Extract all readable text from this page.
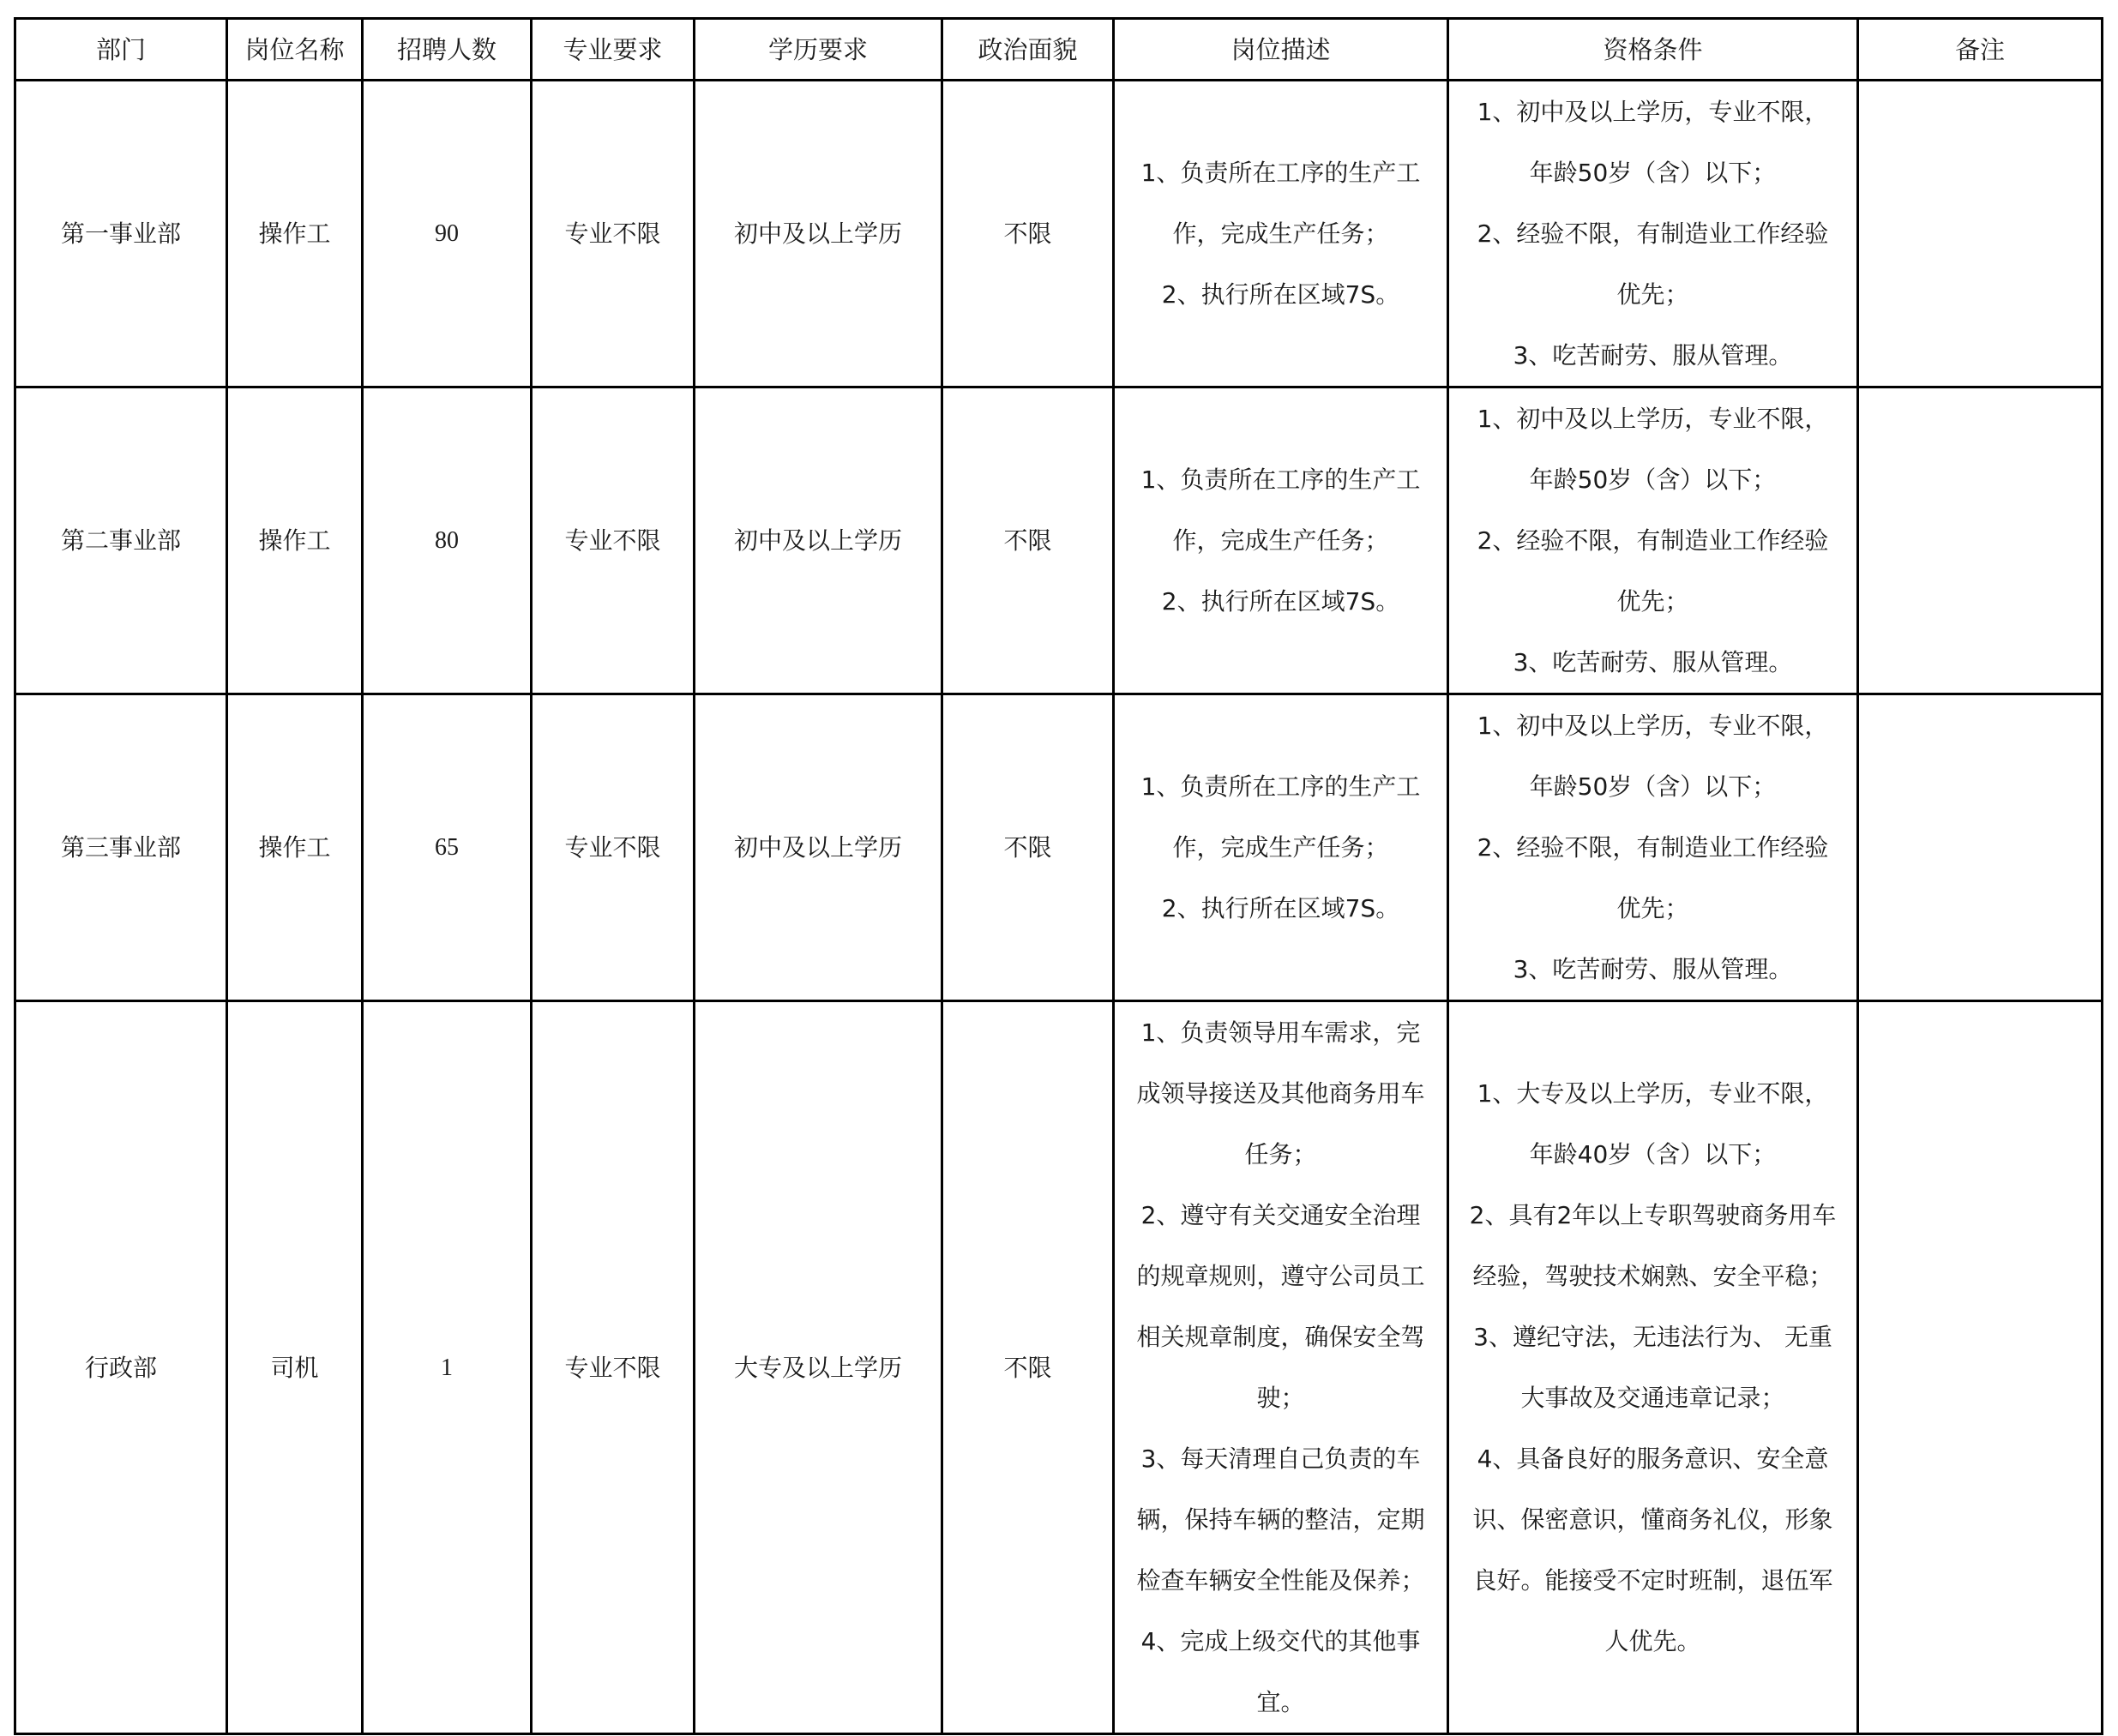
部门	岗位名称	招聘人数	专业要求	学历要求	政治面貌	岗位描述	资格条件	备注
第一事业部	操作工	90	专业不限	初中及以上学历	不限	1、负责所在工序的生产工
作，完成生产任务；
2、执行所在区域7S。	1、初中及以上学历，专业不限，
年龄50岁（含）以下；
2、经验不限，有制造业工作经验
优先；
3、吃苦耐劳、服从管理。	

第二事业部	操作工	80	专业不限	初中及以上学历	不限	1、负责所在工序的生产工
作，完成生产任务；
2、执行所在区域7S。	1、初中及以上学历，专业不限，
年龄50岁（含）以下；
2、经验不限，有制造业工作经验
优先；
3、吃苦耐劳、服从管理。	

第三事业部	操作工	65	专业不限	初中及以上学历	不限	1、负责所在工序的生产工
作，完成生产任务；
2、执行所在区域7S。	1、初中及以上学历，专业不限，
年龄50岁（含）以下；
2、经验不限，有制造业工作经验
优先；
3、吃苦耐劳、服从管理。	

行政部	司机	1	专业不限	大专及以上学历	不限	
1、负责领导用车需求，完
成领导接送及其他商务用车
任务；
2、遵守有关交通安全治理
的规章规则，遵守公司员工
相关规章制度，确保安全驾
驶；
3、每天清理自己负责的车
辆，保持车辆的整洁，定期
检查车辆安全性能及保养；
4、完成上级交代的其他事
宜。

1、大专及以上学历，专业不限，
年龄40岁（含）以下；
2、具有2年以上专职驾驶商务用车
经验，驾驶技术娴熟、安全平稳；
3、遵纪守法，无违法行为、 无重
大事故及交通违章记录；
4、具备良好的服务意识、安全意
识、保密意识，懂商务礼仪，形象
良好。能接受不定时班制，退伍军
人优先。
